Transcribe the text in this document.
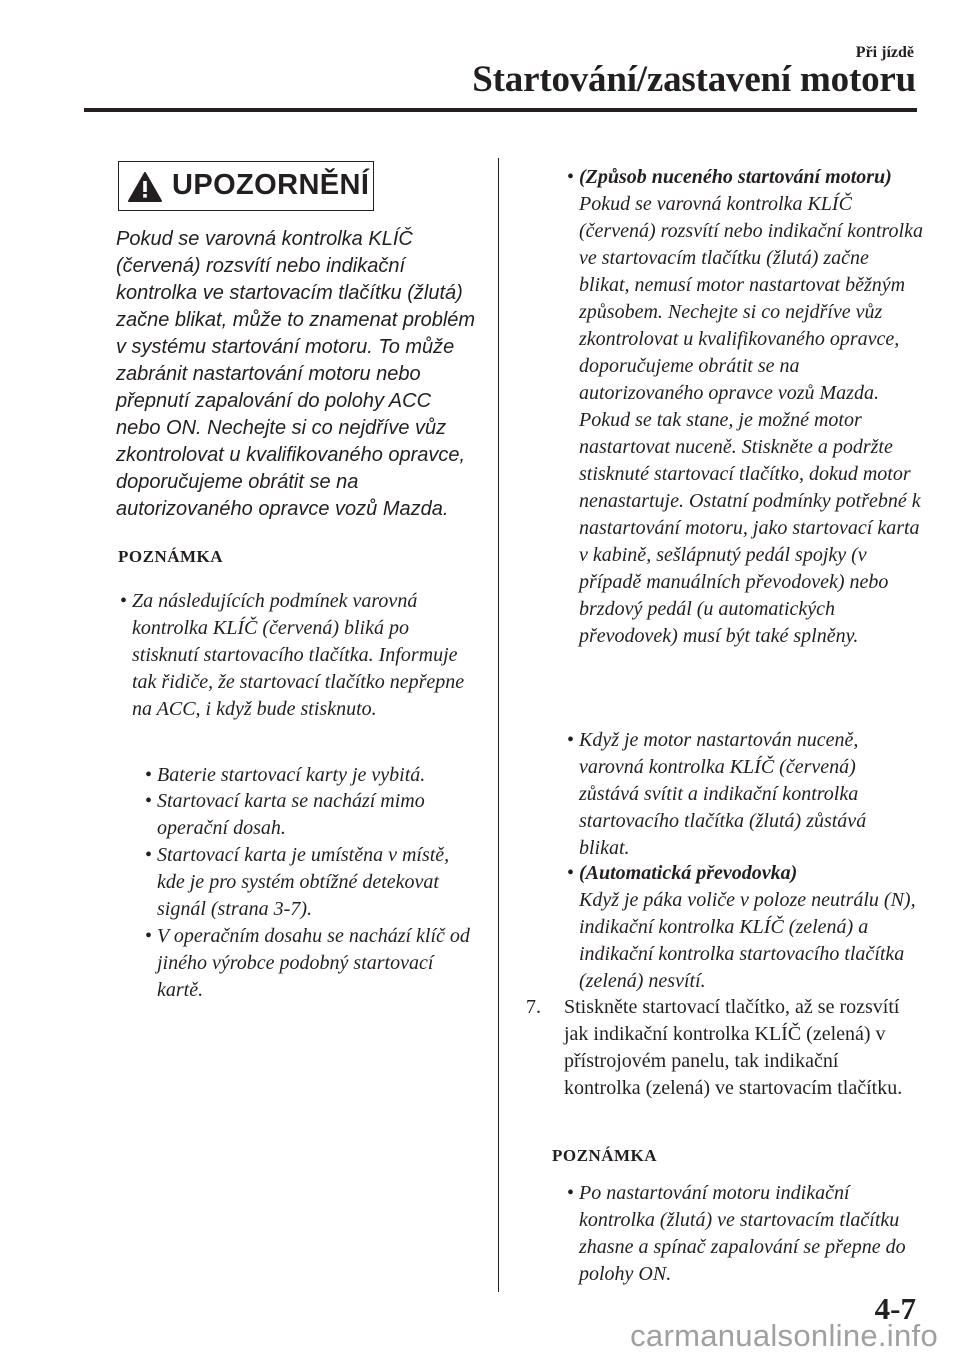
Při jízdě
Startování/zastavení motoru
UPOZORNĚNÍ

Pokud se varovná kontrolka KLÍČ (červená) rozsvítí nebo indikační kontrolka ve startovacím tlačítku (žlutá) začne blikat, může to znamenat problém v systému startování motoru. To může zabránit nastartování motoru nebo přepnutí zapalování do polohy ACC nebo ON. Nechejte si co nejdříve vůz zkontrolovat u kvalifikovaného opravce, doporučujeme obrátit se na autorizovaného opravce vozů Mazda.

POZNÁMKA
• Za následujících podmínek varovná kontrolka KLÍČ (červená) bliká po stisknutí startovacího tlačítka. Informuje tak řidiče, že startovací tlačítko nepřepne na ACC, i když bude stisknuto.

• Baterie startovací karty je vybitá.

• Startovací karta se nachází mimo operační dosah.

• Startovací karta je umístěna v místě, kde je pro systém obtížné detekovat signál (strana 3-7).

• V operačním dosahu se nachází klíč od jiného výrobce podobný startovací kartě.

• (Způsob nuceného startování motoru)

Pokud se varovná kontrolka KLÍČ (červená) rozsvítí nebo indikační kontrolka ve startovacím tlačítku (žlutá) začne blikat, nemusí motor nastartovat běžným způsobem. Nechejte si co nejdříve vůz zkontrolovat u kvalifikovaného opravce, doporučujeme obrátit se na autorizovaného opravce vozů Mazda. Pokud se tak stane, je možné motor nastartovat nuceně. Stiskněte a podržte stisknuté startovací tlačítko, dokud motor nenastartuje. Ostatní podmínky potřebné k nastartování motoru, jako startovací karta v kabině, sešlápnutý pedál spojky (v případě manuálních převodovek) nebo brzdový pedál (u automatických převodovek) musí být také splněny.

• Když je motor nastartován nuceně, varovná kontrolka KLÍČ (červená) zůstává svítit a indikační kontrolka startovacího tlačítka (žlutá) zůstává blikat.

• (Automatická převodovka)

Když je páka voliče v poloze neutrálu (N), indikační kontrolka KLÍČ (zelená) a indikační kontrolka startovacího tlačítka (zelená) nesvítí.

7. Stiskněte startovací tlačítko, až se rozsvítí jak indikační kontrolka KLÍČ (zelená) v přístrojovém panelu, tak indikační kontrolka (zelená) ve startovacím tlačítku.

POZNÁMKA
• Po nastartování motoru indikační kontrolka (žlutá) ve startovacím tlačítku zhasne a spínač zapalování se přepne do polohy ON.

4-7
carmanualsonline.info
